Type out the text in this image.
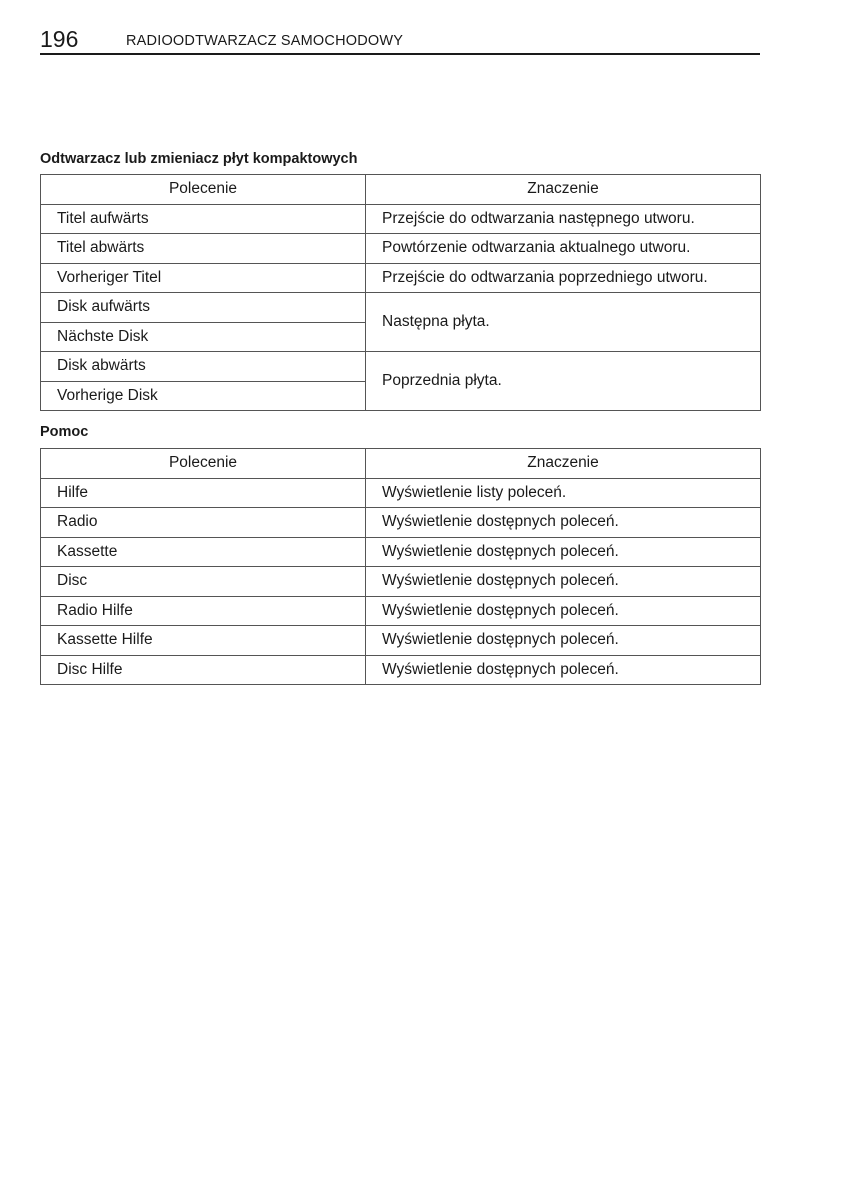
196	RADIOODTWARZACZ SAMOCHODOWY
Odtwarzacz lub zmieniacz płyt kompaktowych
Polecenie	Znaczenie
Titel aufwärts	Przejście do odtwarzania następnego utworu.
Titel abwärts	Powtórzenie odtwarzania aktualnego utworu.
Vorheriger Titel	Przejście do odtwarzania poprzedniego utworu.
Disk aufwärts	Następna płyta.
Nächste Disk	
Disk abwärts	Poprzednia płyta.
Vorherige Disk	
Pomoc
Polecenie	Znaczenie
Hilfe	Wyświetlenie listy poleceń.
Radio	Wyświetlenie dostępnych poleceń.
Kassette	Wyświetlenie dostępnych poleceń.
Disc	Wyświetlenie dostępnych poleceń.
Radio Hilfe	Wyświetlenie dostępnych poleceń.
Kassette Hilfe	Wyświetlenie dostępnych poleceń.
Disc Hilfe	Wyświetlenie dostępnych poleceń.
